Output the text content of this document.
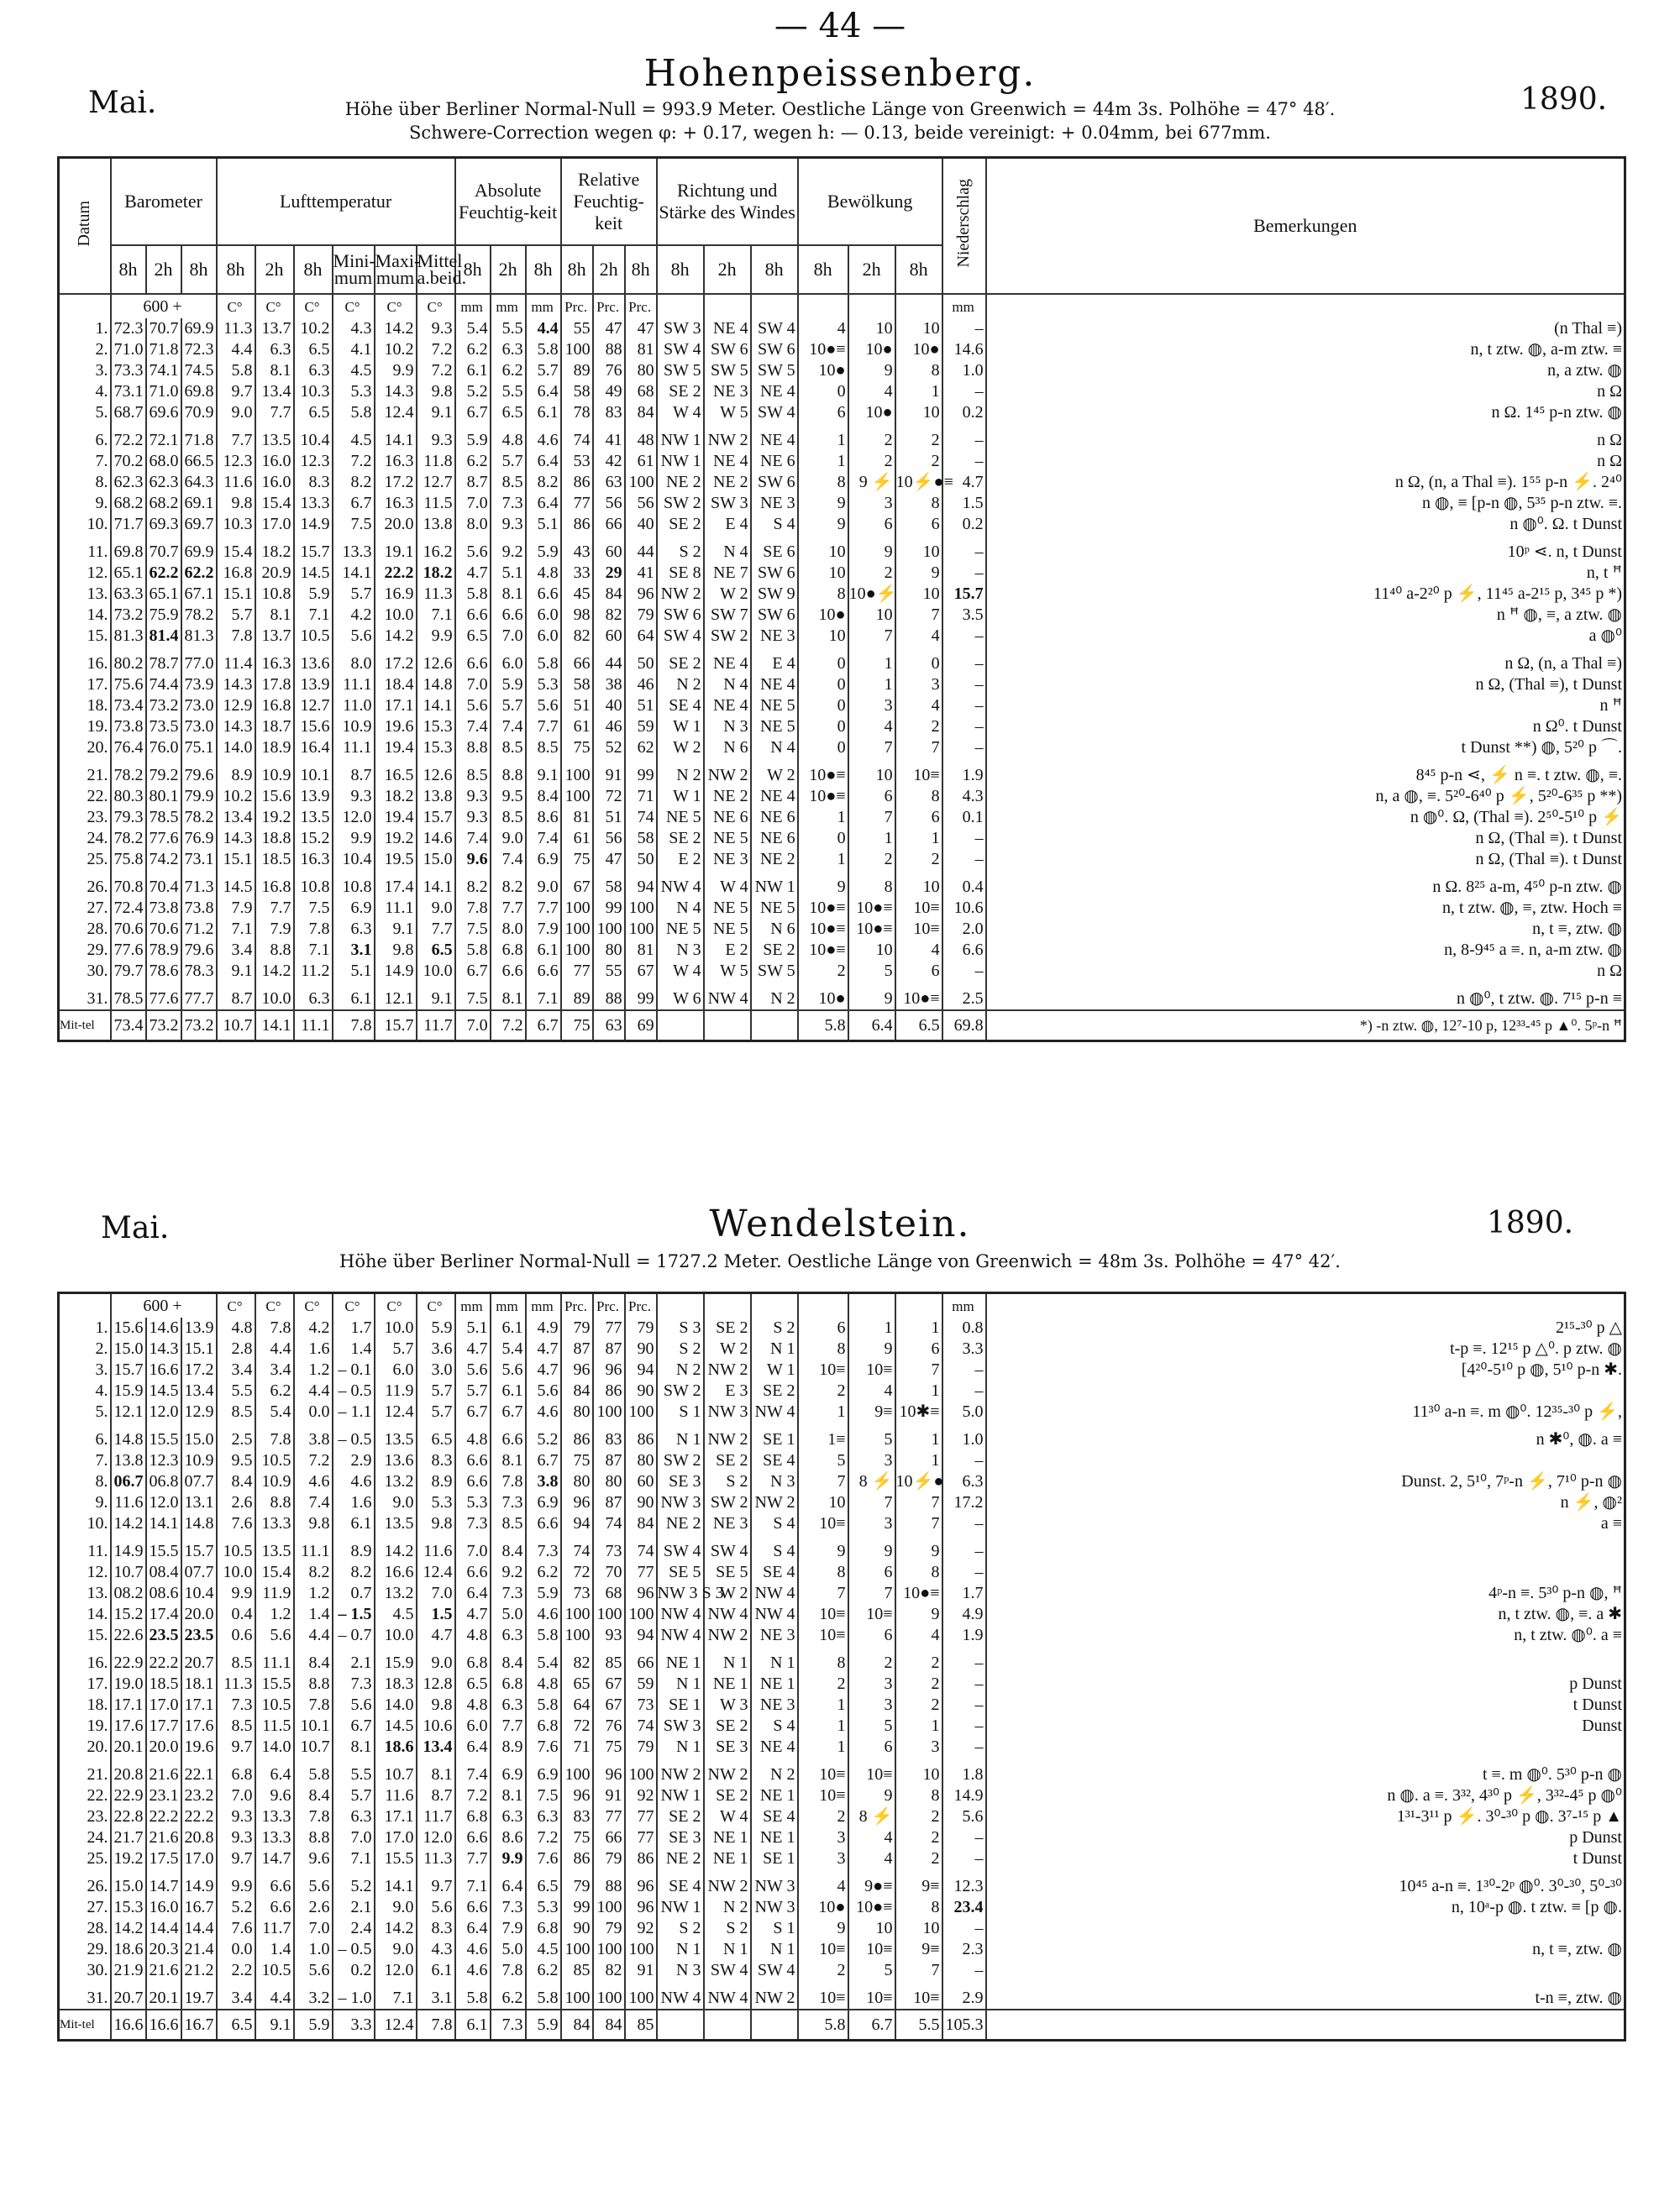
— 44 —
Mai.
Hohenpeissenberg.
1890.
Höhe über Berliner Normal-Null = 993.9 Meter. Oestliche Länge von Greenwich = 44m 3s. Polhöhe = 47° 48′.
Schwere-Correction wegen φ: + 0.17, wegen h: — 0.13, beide vereinigt: + 0.04mm, bei 677mm.
Datum	Barometer			Lufttemperatur						Absolute Feuchtig-keit			Relative Feuchtig-keit			Richtung und Stärke des Windes			Bewölkung			Niederschlag	Bemerkungen
	8h	2h	8h	8h	2h	8h	Mini-mum	Maxi-mum	Mittel a.beid.	8h	2h	8h	8h	2h	8h	8h	2h	8h	8h	2h	8h		
	600 +			C°	C°	C°	C°	C°	C°	mm	mm	mm	Prc.	Prc.	Prc.							mm	
1.	72.3	70.7	69.9	11.3	13.7	10.2	4.3	14.2	9.3	5.4	5.5	4.4	55	47	47	SW 3	NE 4	SW 4	4	10	10	–	(n Thal ≡)
2.	71.0	71.8	72.3	4.4	6.3	6.5	4.1	10.2	7.2	6.2	6.3	5.8	100	88	81	SW 4	SW 6	SW 6	10●≡	10●	10●	14.6	n, t ztw. ◍, a-m ztw. ≡
3.	73.3	74.1	74.5	5.8	8.1	6.3	4.5	9.9	7.2	6.1	6.2	5.7	89	76	80	SW 5	SW 5	SW 5	10●	9	8	1.0	n, a ztw. ◍
4.	73.1	71.0	69.8	9.7	13.4	10.3	5.3	14.3	9.8	5.2	5.5	6.4	58	49	68	SE 2	NE 3	NE 4	0	4	1	–	n Ω
5.	68.7	69.6	70.9	9.0	7.7	6.5	5.8	12.4	9.1	6.7	6.5	6.1	78	83	84	W 4	W 5	SW 4	6	10●	10	0.2	n Ω. 1⁴⁵ p-n ztw. ◍

6.	72.2	72.1	71.8	7.7	13.5	10.4	4.5	14.1	9.3	5.9	4.8	4.6	74	41	48	NW 1	NW 2	NE 4	1	2	2	–	n Ω
7.	70.2	68.0	66.5	12.3	16.0	12.3	7.2	16.3	11.8	6.2	5.7	6.4	53	42	61	NW 1	NE 4	NE 6	1	2	2	–	n Ω
8.	62.3	62.3	64.3	11.6	16.0	8.3	8.2	17.2	12.7	8.7	8.5	8.2	86	63	100	NE 2	NE 2	SW 6	8	9 ⚡	10⚡●≡	4.7	n Ω, (n, a Thal ≡). 1⁵⁵ p-n ⚡. 2⁴⁰
9.	68.2	68.2	69.1	9.8	15.4	13.3	6.7	16.3	11.5	7.0	7.3	6.4	77	56	56	SW 2	SW 3	NE 3	9	3	8	1.5	n ◍, ≡ [p-n ◍, 5³⁵ p-n ztw. ≡.
10.	71.7	69.3	69.7	10.3	17.0	14.9	7.5	20.0	13.8	8.0	9.3	5.1	86	66	40	SE 2	E 4	S 4	9	6	6	0.2	n ◍⁰. Ω. t Dunst

11.	69.8	70.7	69.9	15.4	18.2	15.7	13.3	19.1	16.2	5.6	9.2	5.9	43	60	44	S 2	N 4	SE 6	10	9	10	–	10ᵖ ⋖. n, t Dunst
12.	65.1	62.2	62.2	16.8	20.9	14.5	14.1	22.2	18.2	4.7	5.1	4.8	33	29	41	SE 8	NE 7	SW 6	10	2	9	–	n, t ꟸ
13.	63.3	65.1	67.1	15.1	10.8	5.9	5.7	16.9	11.3	5.8	8.1	6.6	45	84	96	NW 2	W 2	SW 9	8	10●⚡	10	15.7	11⁴⁰ a-2²⁰ p ⚡, 11⁴⁵ a-2¹⁵ p, 3⁴⁵ p *)
14.	73.2	75.9	78.2	5.7	8.1	7.1	4.2	10.0	7.1	6.6	6.6	6.0	98	82	79	SW 6	SW 7	SW 6	10●	10	7	3.5	n ꟸ ◍, ≡, a ztw. ◍
15.	81.3	81.4	81.3	7.8	13.7	10.5	5.6	14.2	9.9	6.5	7.0	6.0	82	60	64	SW 4	SW 2	NE 3	10	7	4	–	a ◍⁰

16.	80.2	78.7	77.0	11.4	16.3	13.6	8.0	17.2	12.6	6.6	6.0	5.8	66	44	50	SE 2	NE 4	E 4	0	1	0	–	n Ω, (n, a Thal ≡)
17.	75.6	74.4	73.9	14.3	17.8	13.9	11.1	18.4	14.8	7.0	5.9	5.3	58	38	46	N 2	N 4	NE 4	0	1	3	–	n Ω, (Thal ≡), t Dunst
18.	73.4	73.2	73.0	12.9	16.8	12.7	11.0	17.1	14.1	5.6	5.7	5.6	51	40	51	SE 4	NE 4	NE 5	0	3	4	–	n ꟸ
19.	73.8	73.5	73.0	14.3	18.7	15.6	10.9	19.6	15.3	7.4	7.4	7.7	61	46	59	W 1	N 3	NE 5	0	4	2	–	n Ω⁰. t Dunst
20.	76.4	76.0	75.1	14.0	18.9	16.4	11.1	19.4	15.3	8.8	8.5	8.5	75	52	62	W 2	N 6	N 4	0	7	7	–	t Dunst **) ◍, 5²⁰ p ⌒.

21.	78.2	79.2	79.6	8.9	10.9	10.1	8.7	16.5	12.6	8.5	8.8	9.1	100	91	99	N 2	NW 2	W 2	10●≡	10	10≡	1.9	8⁴⁵ p-n ⋖, ⚡ n ≡. t ztw. ◍, ≡.
22.	80.3	80.1	79.9	10.2	15.6	13.9	9.3	18.2	13.8	9.3	9.5	8.4	100	72	71	W 1	NE 2	NE 4	10●≡	6	8	4.3	n, a ◍, ≡. 5²⁰-6⁴⁰ p ⚡, 5²⁰-6³⁵ p **)
23.	79.3	78.5	78.2	13.4	19.2	13.5	12.0	19.4	15.7	9.3	8.5	8.6	81	51	74	NE 5	NE 6	NE 6	1	7	6	0.1	n ◍⁰. Ω, (Thal ≡). 2⁵⁰-5¹⁰ p ⚡
24.	78.2	77.6	76.9	14.3	18.8	15.2	9.9	19.2	14.6	7.4	9.0	7.4	61	56	58	SE 2	NE 5	NE 6	0	1	1	–	n Ω, (Thal ≡). t Dunst
25.	75.8	74.2	73.1	15.1	18.5	16.3	10.4	19.5	15.0	9.6	7.4	6.9	75	47	50	E 2	NE 3	NE 2	1	2	2	–	n Ω, (Thal ≡). t Dunst

26.	70.8	70.4	71.3	14.5	16.8	10.8	10.8	17.4	14.1	8.2	8.2	9.0	67	58	94	NW 4	W 4	NW 1	9	8	10	0.4	n Ω. 8²⁵ a-m, 4⁵⁰ p-n ztw. ◍
27.	72.4	73.8	73.8	7.9	7.7	7.5	6.9	11.1	9.0	7.8	7.7	7.7	100	99	100	N 4	NE 5	NE 5	10●≡	10●≡	10≡	10.6	n, t ztw. ◍, ≡, ztw. Hoch ≡
28.	70.6	70.6	71.2	7.1	7.9	7.8	6.3	9.1	7.7	7.5	8.0	7.9	100	100	100	NE 5	NE 5	N 6	10●≡	10●≡	10≡	2.0	n, t ≡, ztw. ◍
29.	77.6	78.9	79.6	3.4	8.8	7.1	3.1	9.8	6.5	5.8	6.8	6.1	100	80	81	N 3	E 2	SE 2	10●≡	10	4	6.6	n, 8-9⁴⁵ a ≡. n, a-m ztw. ◍
30.	79.7	78.6	78.3	9.1	14.2	11.2	5.1	14.9	10.0	6.7	6.6	6.6	77	55	67	W 4	W 5	SW 5	2	5	6	–	n Ω

31.	78.5	77.6	77.7	8.7	10.0	6.3	6.1	12.1	9.1	7.5	8.1	7.1	89	88	99	W 6	NW 4	N 2	10●	9	10●≡	2.5	n ◍⁰, t ztw. ◍. 7¹⁵ p-n ≡
Mit-tel	73.4	73.2	73.2	10.7	14.1	11.1	7.8	15.7	11.7	7.0	7.2	6.7	75	63	69				5.8	6.4	6.5	69.8	*) -n ztw. ◍, 12⁷-10 p, 12³³-⁴⁵ p ▲⁰. 5ᵖ-n ꟸ
Mai.	Wendelstein.	1890.
Höhe über Berliner Normal-Null = 1727.2 Meter. Oestliche Länge von Greenwich = 48m 3s. Polhöhe = 47° 42′.

	600 +			C°	C°	C°	C°	C°	C°	mm	mm	mm	Prc.	Prc.	Prc.							mm	
1.	15.6	14.6	13.9	4.8	7.8	4.2	1.7	10.0	5.9	5.1	6.1	4.9	79	77	79	S 3	SE 2	S 2	6	1	1	0.8	2¹⁵-³⁰ p △
2.	15.0	14.3	15.1	2.8	4.4	1.6	1.4	5.7	3.6	4.7	5.4	4.7	87	87	90	S 2	W 2	N 1	8	9	6	3.3	t-p ≡. 12¹⁵ p △⁰. p ztw. ◍
3.	15.7	16.6	17.2	3.4	3.4	1.2	– 0.1	6.0	3.0	5.6	5.6	4.7	96	96	94	N 2	NW 2	W 1	10≡	10≡	7	–	[4²⁰-5¹⁰ p ◍, 5¹⁰ p-n ✱.
4.	15.9	14.5	13.4	5.5	6.2	4.4	– 0.5	11.9	5.7	5.7	6.1	5.6	84	86	90	SW 2	E 3	SE 2	2	4	1	–	
5.	12.1	12.0	12.9	8.5	5.4	0.0	– 1.1	12.4	5.7	6.7	6.7	4.6	80	100	100	S 1	NW 3	NW 4	1	9≡	10✱≡	5.0	11³⁰ a-n ≡. m ◍⁰. 12³⁵-³⁰ p ⚡,

6.	14.8	15.5	15.0	2.5	7.8	3.8	– 0.5	13.5	6.5	4.8	6.6	5.2	86	83	86	N 1	NW 2	SE 1	1≡	5	1	1.0	n ✱⁰, ◍. a ≡
7.	13.8	12.3	10.9	9.5	10.5	7.2	2.9	13.6	8.3	6.6	8.1	6.7	75	87	80	SW 2	SE 2	SE 4	5	3	1	–	
8.	06.7	06.8	07.7	8.4	10.9	4.6	4.6	13.2	8.9	6.6	7.8	3.8	80	80	60	SE 3	S 2	N 3	7	8 ⚡	10⚡●	6.3	Dunst. 2, 5¹⁰, 7ᵖ-n ⚡, 7¹⁰ p-n ◍
9.	11.6	12.0	13.1	2.6	8.8	7.4	1.6	9.0	5.3	5.3	7.3	6.9	96	87	90	NW 3	SW 2	NW 2	10	7	7	17.2	n ⚡, ◍²
10.	14.2	14.1	14.8	7.6	13.3	9.8	6.1	13.5	9.8	7.3	8.5	6.6	94	74	84	NE 2	NE 3	S 4	10≡	3	7	–	a ≡

11.	14.9	15.5	15.7	10.5	13.5	11.1	8.9	14.2	11.6	7.0	8.4	7.3	74	73	74	SW 4	SW 4	S 4	9	9	9	–	
12.	10.7	08.4	07.7	10.0	15.4	8.2	8.2	16.6	12.4	6.6	9.2	6.2	72	70	77	SE 5	SE 5	SE 4	8	6	8	–	
13.	08.2	08.6	10.4	9.9	11.9	1.2	0.7	13.2	7.0	6.4	7.3	5.9	73	68	96	NW 3 S 3	W 2	NW 4	7	7	10●≡	1.7	4ᵖ-n ≡. 5³⁰ p-n ◍, ꟸ
14.	15.2	17.4	20.0	0.4	1.2	1.4	– 1.5	4.5	1.5	4.7	5.0	4.6	100	100	100	NW 4	NW 4	NW 4	10≡	10≡	9	4.9	n, t ztw. ◍, ≡. a ✱
15.	22.6	23.5	23.5	0.6	5.6	4.4	– 0.7	10.0	4.7	4.8	6.3	5.8	100	93	94	NW 4	NW 2	NE 3	10≡	6	4	1.9	n, t ztw. ◍⁰. a ≡

16.	22.9	22.2	20.7	8.5	11.1	8.4	2.1	15.9	9.0	6.8	8.4	5.4	82	85	66	NE 1	N 1	N 1	8	2	2	–	
17.	19.0	18.5	18.1	11.3	15.5	8.8	7.3	18.3	12.8	6.5	6.8	4.8	65	67	59	N 1	NE 1	NE 1	2	3	2	–	p Dunst
18.	17.1	17.0	17.1	7.3	10.5	7.8	5.6	14.0	9.8	4.8	6.3	5.8	64	67	73	SE 1	W 3	NE 3	1	3	2	–	t Dunst
19.	17.6	17.7	17.6	8.5	11.5	10.1	6.7	14.5	10.6	6.0	7.7	6.8	72	76	74	SW 3	SE 2	S 4	1	5	1	–	Dunst
20.	20.1	20.0	19.6	9.7	14.0	10.7	8.1	18.6	13.4	6.4	8.9	7.6	71	75	79	N 1	SE 3	NE 4	1	6	3	–	

21.	20.8	21.6	22.1	6.8	6.4	5.8	5.5	10.7	8.1	7.4	6.9	6.9	100	96	100	NW 2	NW 2	N 2	10≡	10≡	10	1.8	t ≡. m ◍⁰. 5³⁰ p-n ◍
22.	22.9	23.1	23.2	7.0	9.6	8.4	5.7	11.6	8.7	7.2	8.1	7.5	96	91	92	NW 1	SE 2	NE 1	10≡	9	8	14.9	n ◍. a ≡. 3³², 4³⁰ p ⚡, 3³²-4⁵ p ◍⁰
23.	22.8	22.2	22.2	9.3	13.3	7.8	6.3	17.1	11.7	6.8	6.3	6.3	83	77	77	SE 2	W 4	SE 4	2	8 ⚡	2	5.6	1³¹-3¹¹ p ⚡. 3⁰-³⁰ p ◍. 3⁷-¹⁵ p ▲
24.	21.7	21.6	20.8	9.3	13.3	8.8	7.0	17.0	12.0	6.6	8.6	7.2	75	66	77	SE 3	NE 1	NE 1	3	4	2	–	p Dunst
25.	19.2	17.5	17.0	9.7	14.7	9.6	7.1	15.5	11.3	7.7	9.9	7.6	86	79	86	NE 2	NE 1	SE 1	3	4	2	–	t Dunst

26.	15.0	14.7	14.9	9.9	6.6	5.6	5.2	14.1	9.7	7.1	6.4	6.5	79	88	96	SE 4	NW 2	NW 3	4	9●≡	9≡	12.3	10⁴⁵ a-n ≡. 1³⁰-2ᵖ ◍⁰. 3⁰-³⁰, 5⁰-³⁰
27.	15.3	16.0	16.7	5.2	6.6	2.6	2.1	9.0	5.6	6.6	7.3	5.3	99	100	96	NW 1	N 2	NW 3	10●	10●≡	8	23.4	n, 10ᵃ-p ◍. t ztw. ≡ [p ◍.
28.	14.2	14.4	14.4	7.6	11.7	7.0	2.4	14.2	8.3	6.4	7.9	6.8	90	79	92	S 2	S 2	S 1	9	10	10	–	
29.	18.6	20.3	21.4	0.0	1.4	1.0	– 0.5	9.0	4.3	4.6	5.0	4.5	100	100	100	N 1	N 1	N 1	10≡	10≡	9≡	2.3	n, t ≡, ztw. ◍
30.	21.9	21.6	21.2	2.2	10.5	5.6	0.2	12.0	6.1	4.6	7.8	6.2	85	82	91	N 3	SW 4	SW 4	2	5	7	–	

31.	20.7	20.1	19.7	3.4	4.4	3.2	– 1.0	7.1	3.1	5.8	6.2	5.8	100	100	100	NW 4	NW 4	NW 2	10≡	10≡	10≡	2.9	t-n ≡, ztw. ◍
Mit-tel	16.6	16.6	16.7	6.5	9.1	5.9	3.3	12.4	7.8	6.1	7.3	5.9	84	84	85				5.8	6.7	5.5	105.3	
